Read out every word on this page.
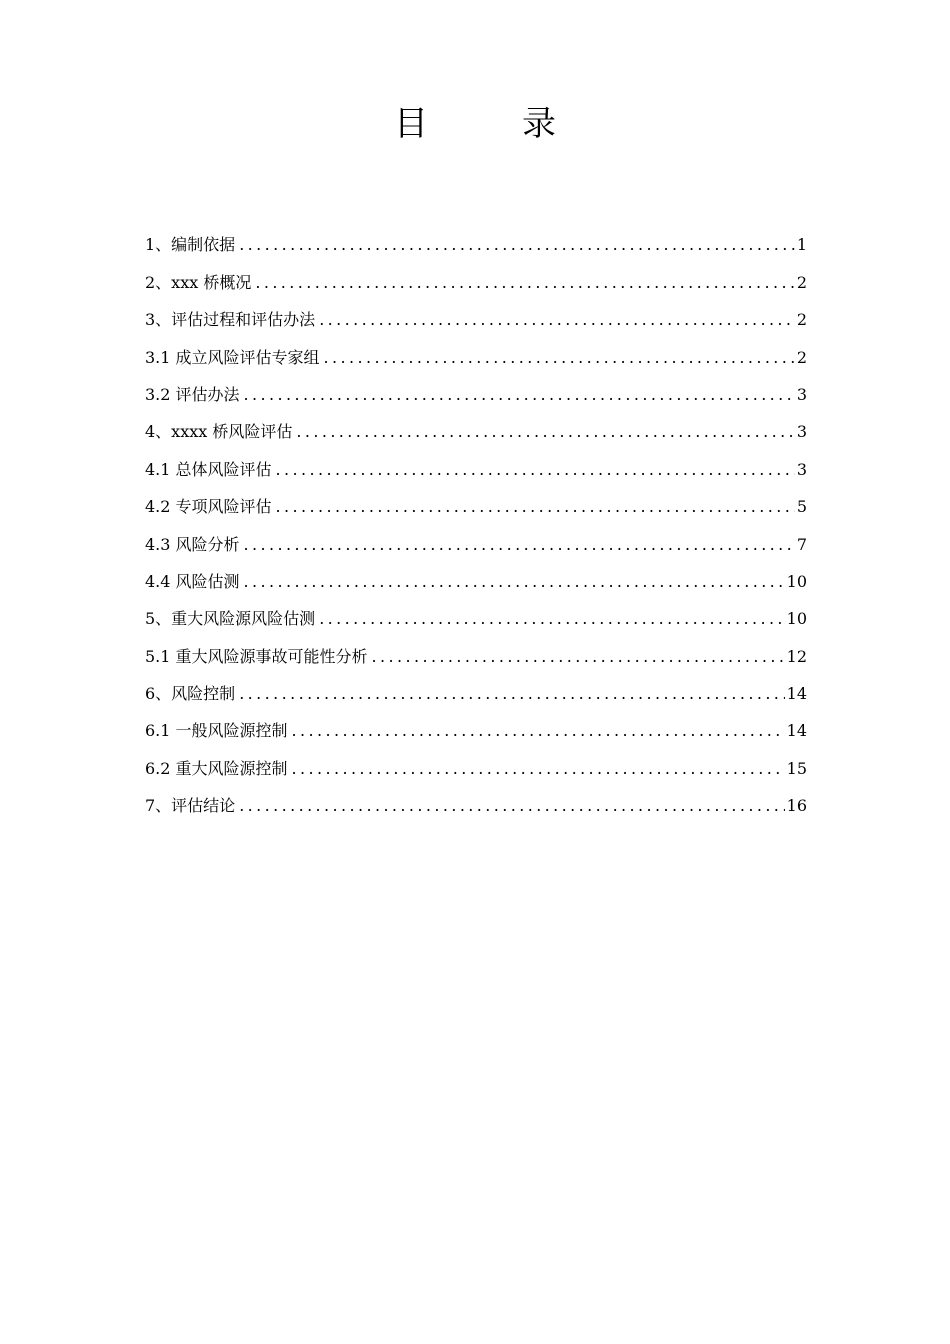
目　录
1、编制依据 .....	1
2、xxx 桥概况 .....	2
3、评估过程和评估办法 .....	2
3.1 成立风险评估专家组 .....	2
3.2 评估办法 .....	3
4、xxxx 桥风险评估 .....	3
4.1 总体风险评估 .....	3
4.2 专项风险评估 .....	5
4.3 风险分析 .....	7
4.4 风险估测 .....	10
5、重大风险源风险估测 .....	10
5.1 重大风险源事故可能性分析 .....	12
6、风险控制 .....	14
6.1 一般风险源控制 .....	14
6.2 重大风险源控制 .....	15
7、评估结论 .....	16
